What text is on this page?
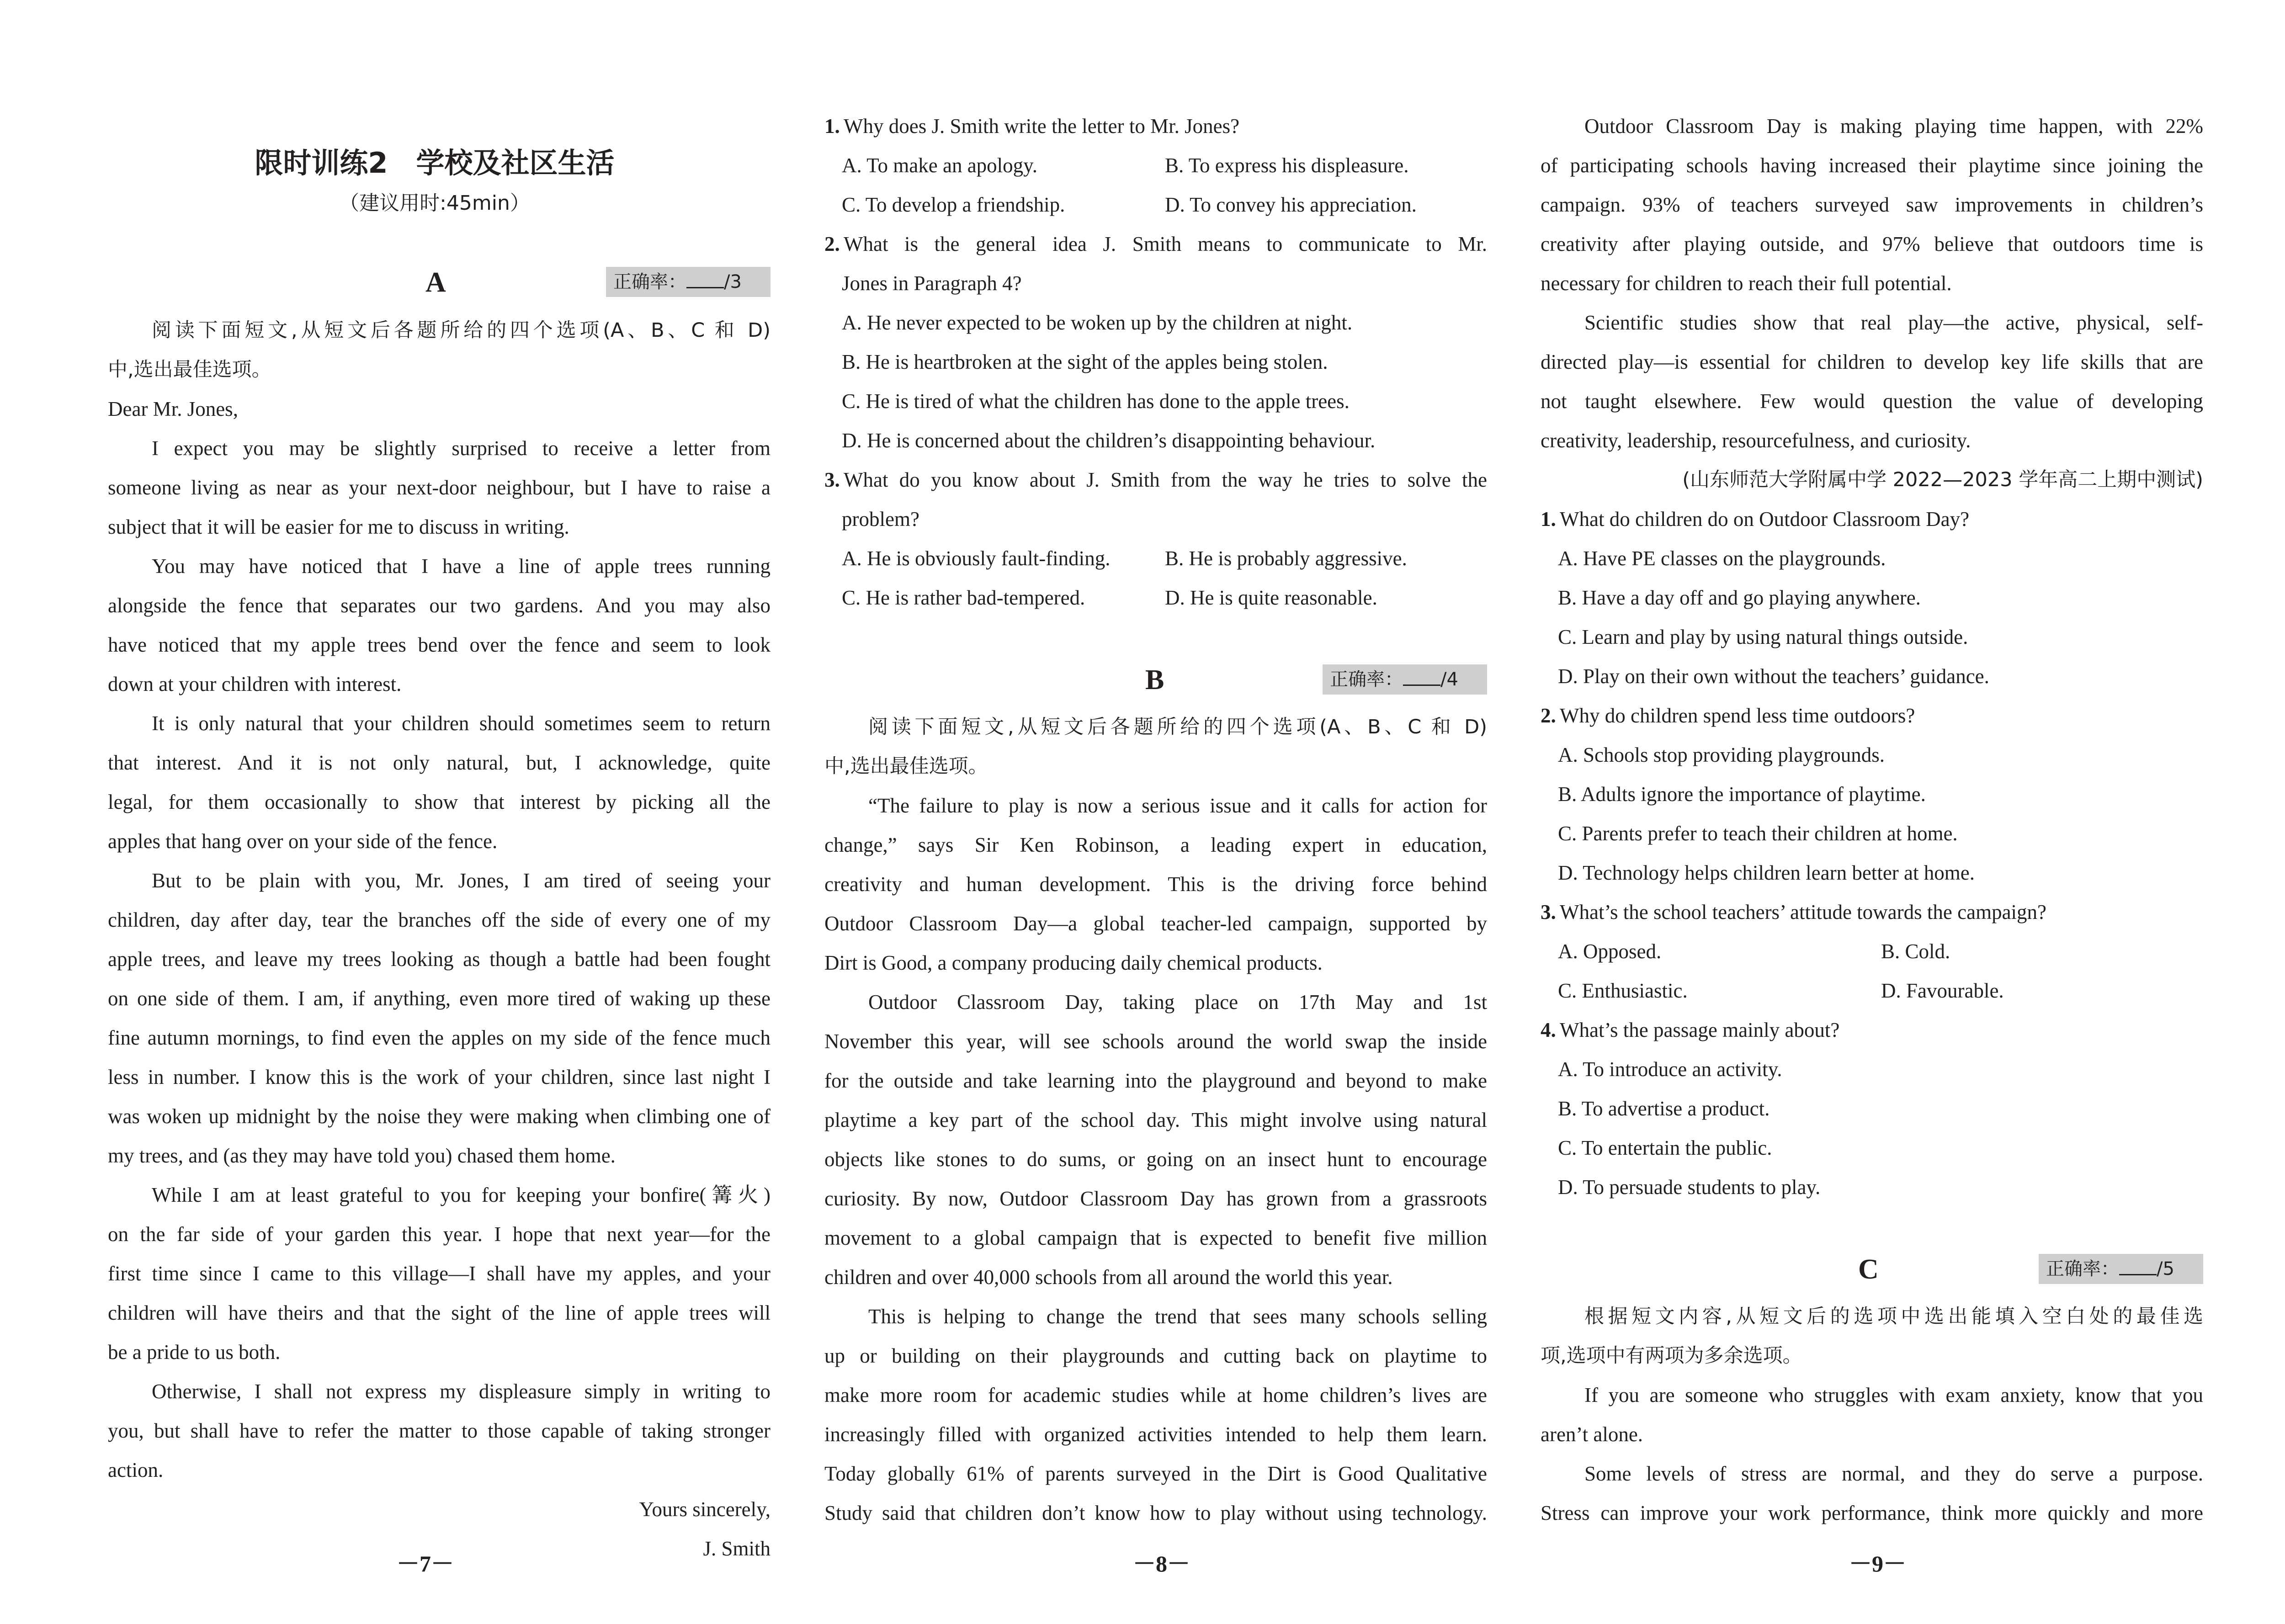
限时训练2　学校及社区生活
（建议用时:45min）
A	正确率： /3
阅读下面短文,从短文后各题所给的四个选项(A、B、C 和 D)
中,选出最佳选项。
Dear Mr. Jones,
I expect you may be slightly surprised to receive a letter from
someone living as near as your next-door neighbour, but I have to raise a
subject that it will be easier for me to discuss in writing.
You may have noticed that I have a line of apple trees running
alongside the fence that separates our two gardens. And you may also
have noticed that my apple trees bend over the fence and seem to look
down at your children with interest.
It is only natural that your children should sometimes seem to return
that interest. And it is not only natural, but, I acknowledge, quite
legal, for them occasionally to show that interest by picking all the
apples that hang over on your side of the fence.
But to be plain with you, Mr. Jones, I am tired of seeing your
children, day after day, tear the branches off the side of every one of my
apple trees, and leave my trees looking as though a battle had been fought
on one side of them. I am, if anything, even more tired of waking up these
fine autumn mornings, to find even the apples on my side of the fence much
less in number. I know this is the work of your children, since last night I
was woken up midnight by the noise they were making when climbing one of
my trees, and (as they may have told you) chased them home.
While I am at least grateful to you for keeping your bonfire(篝火)
on the far side of your garden this year. I hope that next year—for the
first time since I came to this village—I shall have my apples, and your
children will have theirs and that the sight of the line of apple trees will
be a pride to us both.
Otherwise, I shall not express my displeasure simply in writing to
you, but shall have to refer the matter to those capable of taking stronger
action.
Yours sincerely,
J. Smith
－7－
1. Why does J. Smith write the letter to Mr. Jones?
A. To make an apology.	B. To express his displeasure.
C. To develop a friendship.	D. To convey his appreciation.
2. What is the general idea J. Smith means to communicate to Mr.
Jones in Paragraph 4?
A. He never expected to be woken up by the children at night.
B. He is heartbroken at the sight of the apples being stolen.
C. He is tired of what the children has done to the apple trees.
D. He is concerned about the children’s disappointing behaviour.
3. What do you know about J. Smith from the way he tries to solve the
problem?
A. He is obviously fault-finding.	B. He is probably aggressive.
C. He is rather bad-tempered.	D. He is quite reasonable.
B	正确率： /4
阅读下面短文,从短文后各题所给的四个选项(A、B、C 和 D)
中,选出最佳选项。
“The failure to play is now a serious issue and it calls for action for
change,” says Sir Ken Robinson, a leading expert in education,
creativity and human development. This is the driving force behind
Outdoor Classroom Day—a global teacher-led campaign, supported by
Dirt is Good, a company producing daily chemical products.
Outdoor Classroom Day, taking place on 17th May and 1st
November this year, will see schools around the world swap the inside
for the outside and take learning into the playground and beyond to make
playtime a key part of the school day. This might involve using natural
objects like stones to do sums, or going on an insect hunt to encourage
curiosity. By now, Outdoor Classroom Day has grown from a grassroots
movement to a global campaign that is expected to benefit five million
children and over 40,000 schools from all around the world this year.
This is helping to change the trend that sees many schools selling
up or building on their playgrounds and cutting back on playtime to
make more room for academic studies while at home children’s lives are
increasingly filled with organized activities intended to help them learn.
Today globally 61% of parents surveyed in the Dirt is Good Qualitative
Study said that children don’t know how to play without using technology.
－8－
Outdoor Classroom Day is making playing time happen, with 22%
of participating schools having increased their playtime since joining the
campaign. 93% of teachers surveyed saw improvements in children’s
creativity after playing outside, and 97% believe that outdoors time is
necessary for children to reach their full potential.
Scientific studies show that real play—the active, physical, self-
directed play—is essential for children to develop key life skills that are
not taught elsewhere. Few would question the value of developing
creativity, leadership, resourcefulness, and curiosity.
(山东师范大学附属中学 2022—2023 学年高二上期中测试)
1. What do children do on Outdoor Classroom Day?
A. Have PE classes on the playgrounds.
B. Have a day off and go playing anywhere.
C. Learn and play by using natural things outside.
D. Play on their own without the teachers’ guidance.
2. Why do children spend less time outdoors?
A. Schools stop providing playgrounds.
B. Adults ignore the importance of playtime.
C. Parents prefer to teach their children at home.
D. Technology helps children learn better at home.
3. What’s the school teachers’ attitude towards the campaign?
A. Opposed.	B. Cold.
C. Enthusiastic.	D. Favourable.
4. What’s the passage mainly about?
A. To introduce an activity.
B. To advertise a product.
C. To entertain the public.
D. To persuade students to play.
C	正确率： /5
根据短文内容,从短文后的选项中选出能填入空白处的最佳选
项,选项中有两项为多余选项。
If you are someone who struggles with exam anxiety, know that you
aren’t alone.
Some levels of stress are normal, and they do serve a purpose.
Stress can improve your work performance, think more quickly and more
－9－
